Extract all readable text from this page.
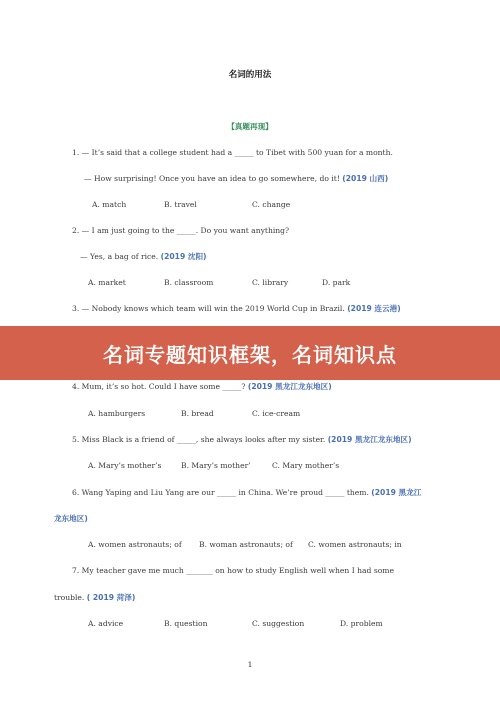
名词的用法
【真题再现】
1. — It’s said that a college student had a _____ to Tibet with 500 yuan for a month.
— How surprising! Once you have an idea to go somewhere, do it! (2019 山西)
A. match	B. travel	C. change
2. — I am just going to the _____. Do you want anything?
— Yes, a bag of rice. (2019 沈阳)
A. market	B. classroom	C. library	D. park
3. — Nobody knows which team will win the 2019 World Cup in Brazil. (2019 连云港)
名词专题知识框架，名词知识点
4. Mum, it’s so hot. Could I have some _____? (2019 黑龙江龙东地区)
A. hamburgers	B. bread	C. ice-cream
5. Miss Black is a friend of _____, she always looks after my sister. (2019 黑龙江龙东地区)
A. Mary’s mother’s	B. Mary’s mother’	C. Mary mother’s
6. Wang Yaping and Liu Yang are our _____ in China. We’re proud _____ them. (2019 黑龙江
龙东地区)
A. women astronauts; of B. woman astronauts; of C. women astronauts; in
7. My teacher gave me much _______ on how to study English well when I had some
trouble. ( 2019 菏泽)
A. advice	B. question	C. suggestion	D. problem
1
